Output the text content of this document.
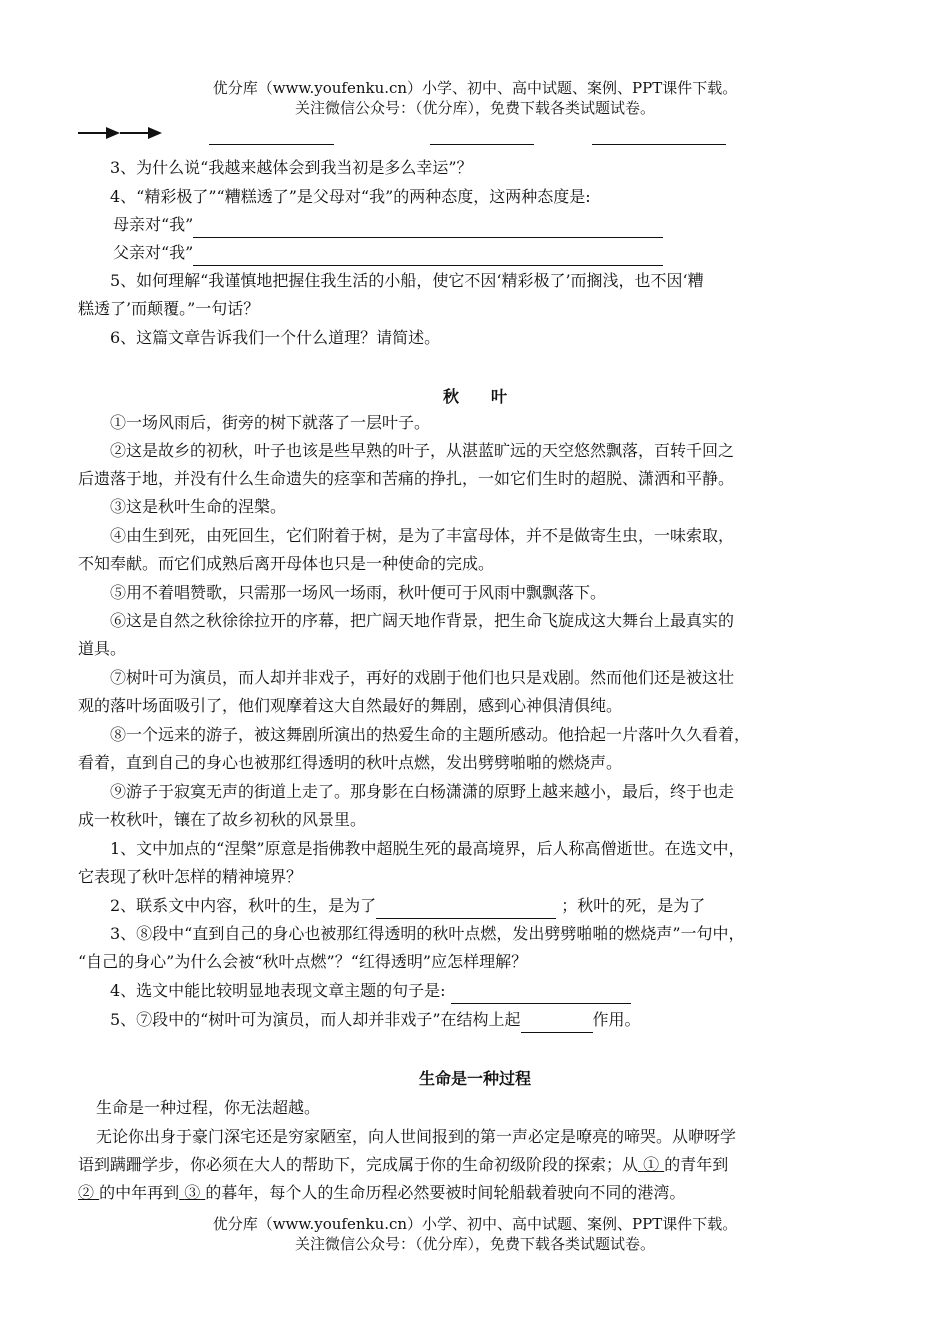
优分库（www.youfenku.cn）小学、初中、高中试题、案例、PPT课件下载。
关注微信公众号：（优分库），免费下载各类试题试卷。
3、为什么说“我越来越体会到我当初是多么幸运”？
4、“精彩极了”“糟糕透了”是父母对“我”的两种态度，这两种态度是:
母亲对“我”
父亲对“我”
5、如何理解“我谨慎地把握住我生活的小船，使它不因‘精彩极了’而搁浅，也不因‘糟
糕透了’而颠覆。”一句话？
6、这篇文章告诉我们一个什么道理？请简述。
秋　　叶
①一场风雨后，街旁的树下就落了一层叶子。
②这是故乡的初秋，叶子也该是些早熟的叶子，从湛蓝旷远的天空悠然飘落，百转千回之
后遗落于地，并没有什么生命遗失的痉挛和苦痛的挣扎，一如它们生时的超脱、潇洒和平静。
③这是秋叶生命的涅槃。
④由生到死，由死回生，它们附着于树，是为了丰富母体，并不是做寄生虫，一味索取，
不知奉献。而它们成熟后离开母体也只是一种使命的完成。
⑤用不着唱赞歌，只需那一场风一场雨，秋叶便可于风雨中飘飘落下。
⑥这是自然之秋徐徐拉开的序幕，把广阔天地作背景，把生命飞旋成这大舞台上最真实的
道具。
⑦树叶可为演员，而人却并非戏子，再好的戏剧于他们也只是戏剧。然而他们还是被这壮
观的落叶场面吸引了，他们观摩着这大自然最好的舞剧，感到心神俱清俱纯。
⑧一个远来的游子，被这舞剧所演出的热爱生命的主题所感动。他拾起一片落叶久久看着，
看着，直到自己的身心也被那红得透明的秋叶点燃，发出劈劈啪啪的燃烧声。
⑨游子于寂寞无声的街道上走了。那身影在白杨潇潇的原野上越来越小，最后，终于也走
成一枚秋叶，镶在了故乡初秋的风景里。
1、文中加点的“涅槃”原意是指佛教中超脱生死的最高境界，后人称高僧逝世。在选文中，
它表现了秋叶怎样的精神境界？
2、联系文中内容，秋叶的生，是为了	；秋叶的死，是为了
3、⑧段中“直到自己的身心也被那红得透明的秋叶点燃，发出劈劈啪啪的燃烧声”一句中，
“自己的身心”为什么会被“秋叶点燃”？“红得透明”应怎样理解？
4、选文中能比较明显地表现文章主题的句子是:
5、⑦段中的“树叶可为演员，而人却并非戏子”在结构上起	作用。
生命是一种过程
生命是一种过程，你无法超越。
无论你出身于豪门深宅还是穷家陋室，向人世间报到的第一声必定是嘹亮的啼哭。从咿呀学
语到蹒跚学步，你必须在大人的帮助下，完成属于你的生命初级阶段的探索；从 ① 的青年到
② 的中年再到 ③ 的暮年，每个人的生命历程必然要被时间轮船载着驶向不同的港湾。
优分库（www.youfenku.cn）小学、初中、高中试题、案例、PPT课件下载。
关注微信公众号：（优分库），免费下载各类试题试卷。
